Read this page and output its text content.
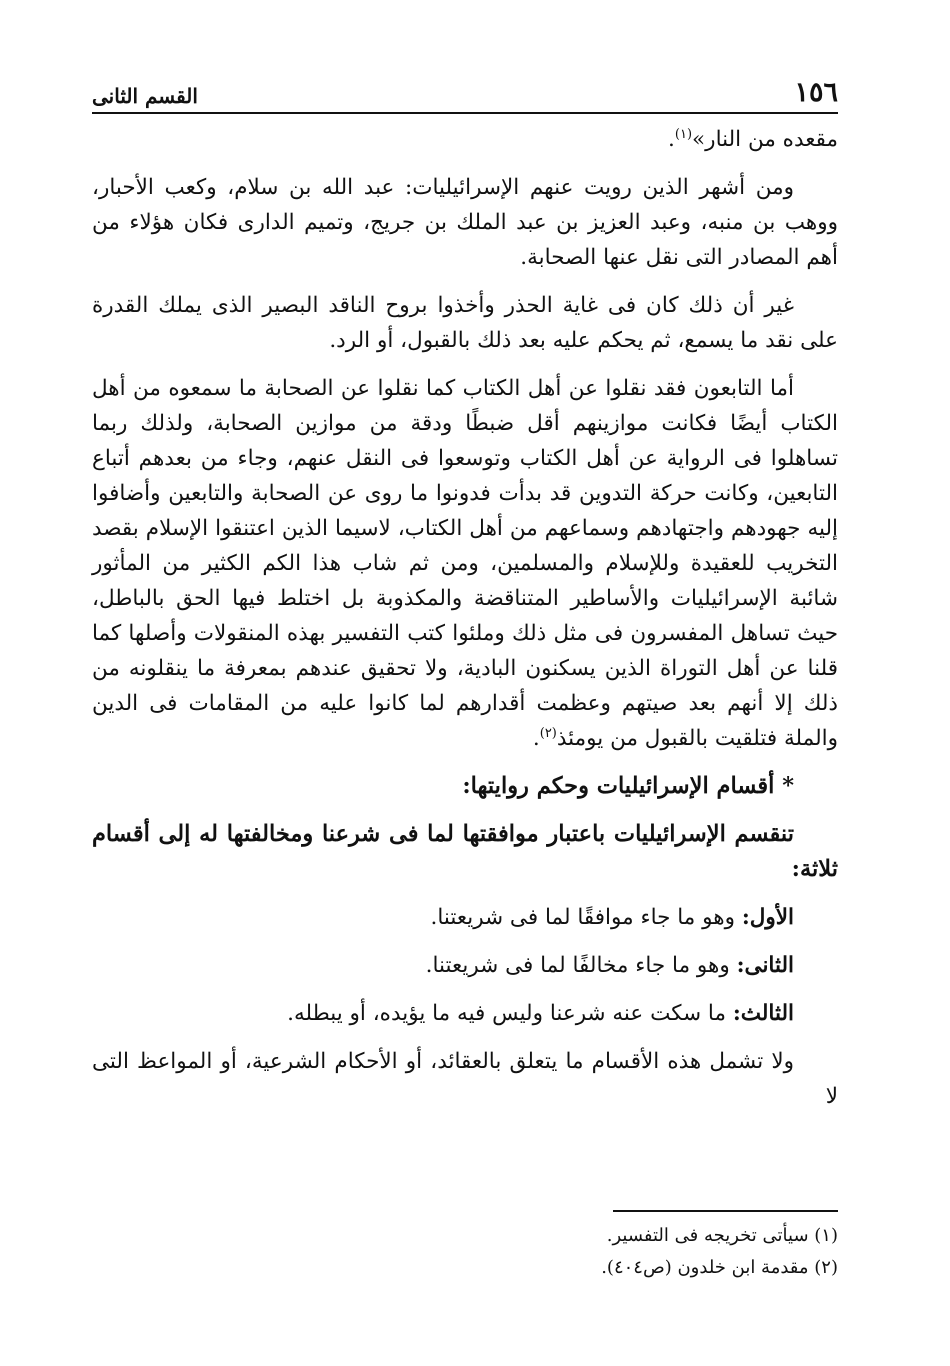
١٥٦
القسم الثانى

مقعده من النار»$^{(١)}$.

ومن أشهر الذين رويت عنهم الإسرائيليات: عبد الله بن سلام، وكعب الأحبار، ووهب بن منبه، وعبد العزيز بن عبد الملك بن جريج، وتميم الدارى فكان هؤلاء من أهم المصادر التى نقل عنها الصحابة.

غير أن ذلك كان فى غاية الحذر وأخذوا بروح الناقد البصير الذى يملك القدرة على نقد ما يسمع، ثم يحكم عليه بعد ذلك بالقبول، أو الرد.

أما التابعون فقد نقلوا عن أهل الكتاب كما نقلوا عن الصحابة ما سمعوه من أهل الكتاب أيضًا فكانت موازينهم أقل ضبطًا ودقة من موازين الصحابة، ولذلك ربما تساهلوا فى الرواية عن أهل الكتاب وتوسعوا فى النقل عنهم، وجاء من بعدهم أتباع التابعين، وكانت حركة التدوين قد بدأت فدونوا ما روى عن الصحابة والتابعين وأضافوا إليه جهودهم واجتهادهم وسماعهم من أهل الكتاب، لاسيما الذين اعتنقوا الإسلام بقصد التخريب للعقيدة وللإسلام والمسلمين، ومن ثم شاب هذا الكم الكثير من المأثور شائبة الإسرائيليات والأساطير المتناقضة والمكذوبة بل اختلط فيها الحق بالباطل، حيث تساهل المفسرون فى مثل ذلك وملئوا كتب التفسير بهذه المنقولات وأصلها كما قلنا عن أهل التوراة الذين يسكنون البادية، ولا تحقيق عندهم بمعرفة ما ينقلونه من ذلك إلا أنهم بعد صيتهم وعظمت أقدارهم لما كانوا عليه من المقامات فى الدين والملة فتلقيت بالقبول من يومئذ$^{(٢)}$.

* أقسام الإسرائيليات وحكم روايتها:

تنقسم الإسرائيليات باعتبار موافقتها لما فى شرعنا ومخالفتها له إلى أقسام ثلاثة:

الأول: وهو ما جاء موافقًا لما فى شريعتنا.

الثانى: وهو ما جاء مخالفًا لما فى شريعتنا.

الثالث: ما سكت عنه شرعنا وليس فيه ما يؤيده، أو يبطله.

ولا تشمل هذه الأقسام ما يتعلق بالعقائد، أو الأحكام الشرعية، أو المواعظ التى لا

(١) سيأتى تخريجه فى التفسير.

(٢) مقدمة ابن خلدون (ص٤٠٤).
